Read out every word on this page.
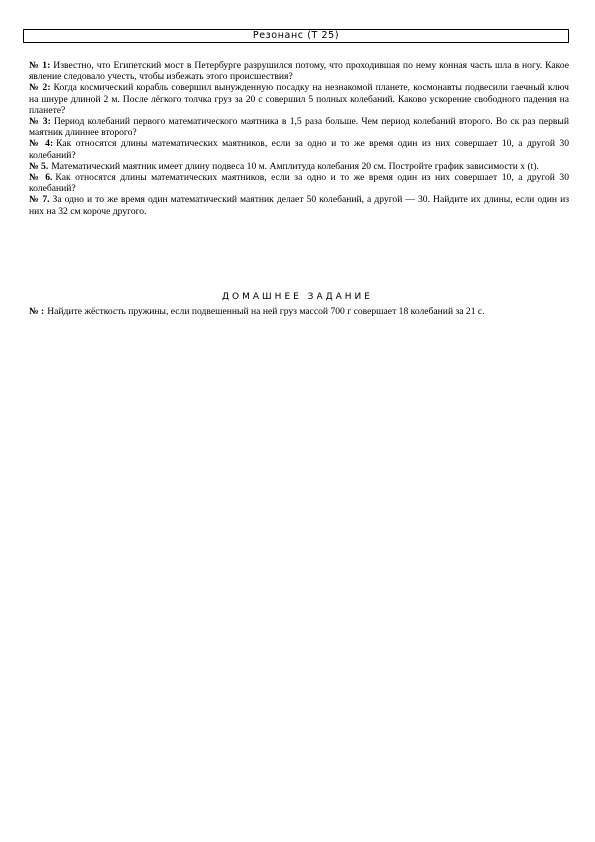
Резонанс (Т 25)
№ 1: Известно, что Египетский мост в Петербурге разрушился потому, что проходившая по нему конная часть шла в ногу. Какое явление следовало учесть, чтобы избежать этого происшествия?
№ 2: Когда космический корабль совершил вынужденную посадку на незнакомой планете, космонавты подвесили гаечный ключ на шнуре длиной 2 м. После лёгкого толчка груз за 20 с совершил 5 полных колебаний. Каково ускорение свободного падения на планете?
№ 3: Период колебаний первого математического маятника в 1,5 раза больше. Чем период колебаний второго. Во ск раз первый маятник длиннее второго?
№ 4: Как относятся длины математических маятников, если за одно и то же время один из них совершает 10, а другой 30 колебаний?
№ 5. Математический маятник имеет длину подвеса 10 м. Амплитуда колебания 20 см. Постройте график зависимости x (t).
№ 6. Как относятся длины математических маятников, если за одно и то же время один из них совершает 10, а другой 30 колебаний?
№ 7. За одно и то же время один математический маятник делает 50 колебаний, а другой — 30. Найдите их длины, если один из них на 32 см короче другого.
ДОМАШНЕЕ ЗАДАНИЕ
№ : Найдите жёсткость пружины, если подвешенный на ней груз массой 700 г совершает 18 колебаний за 21 с.
